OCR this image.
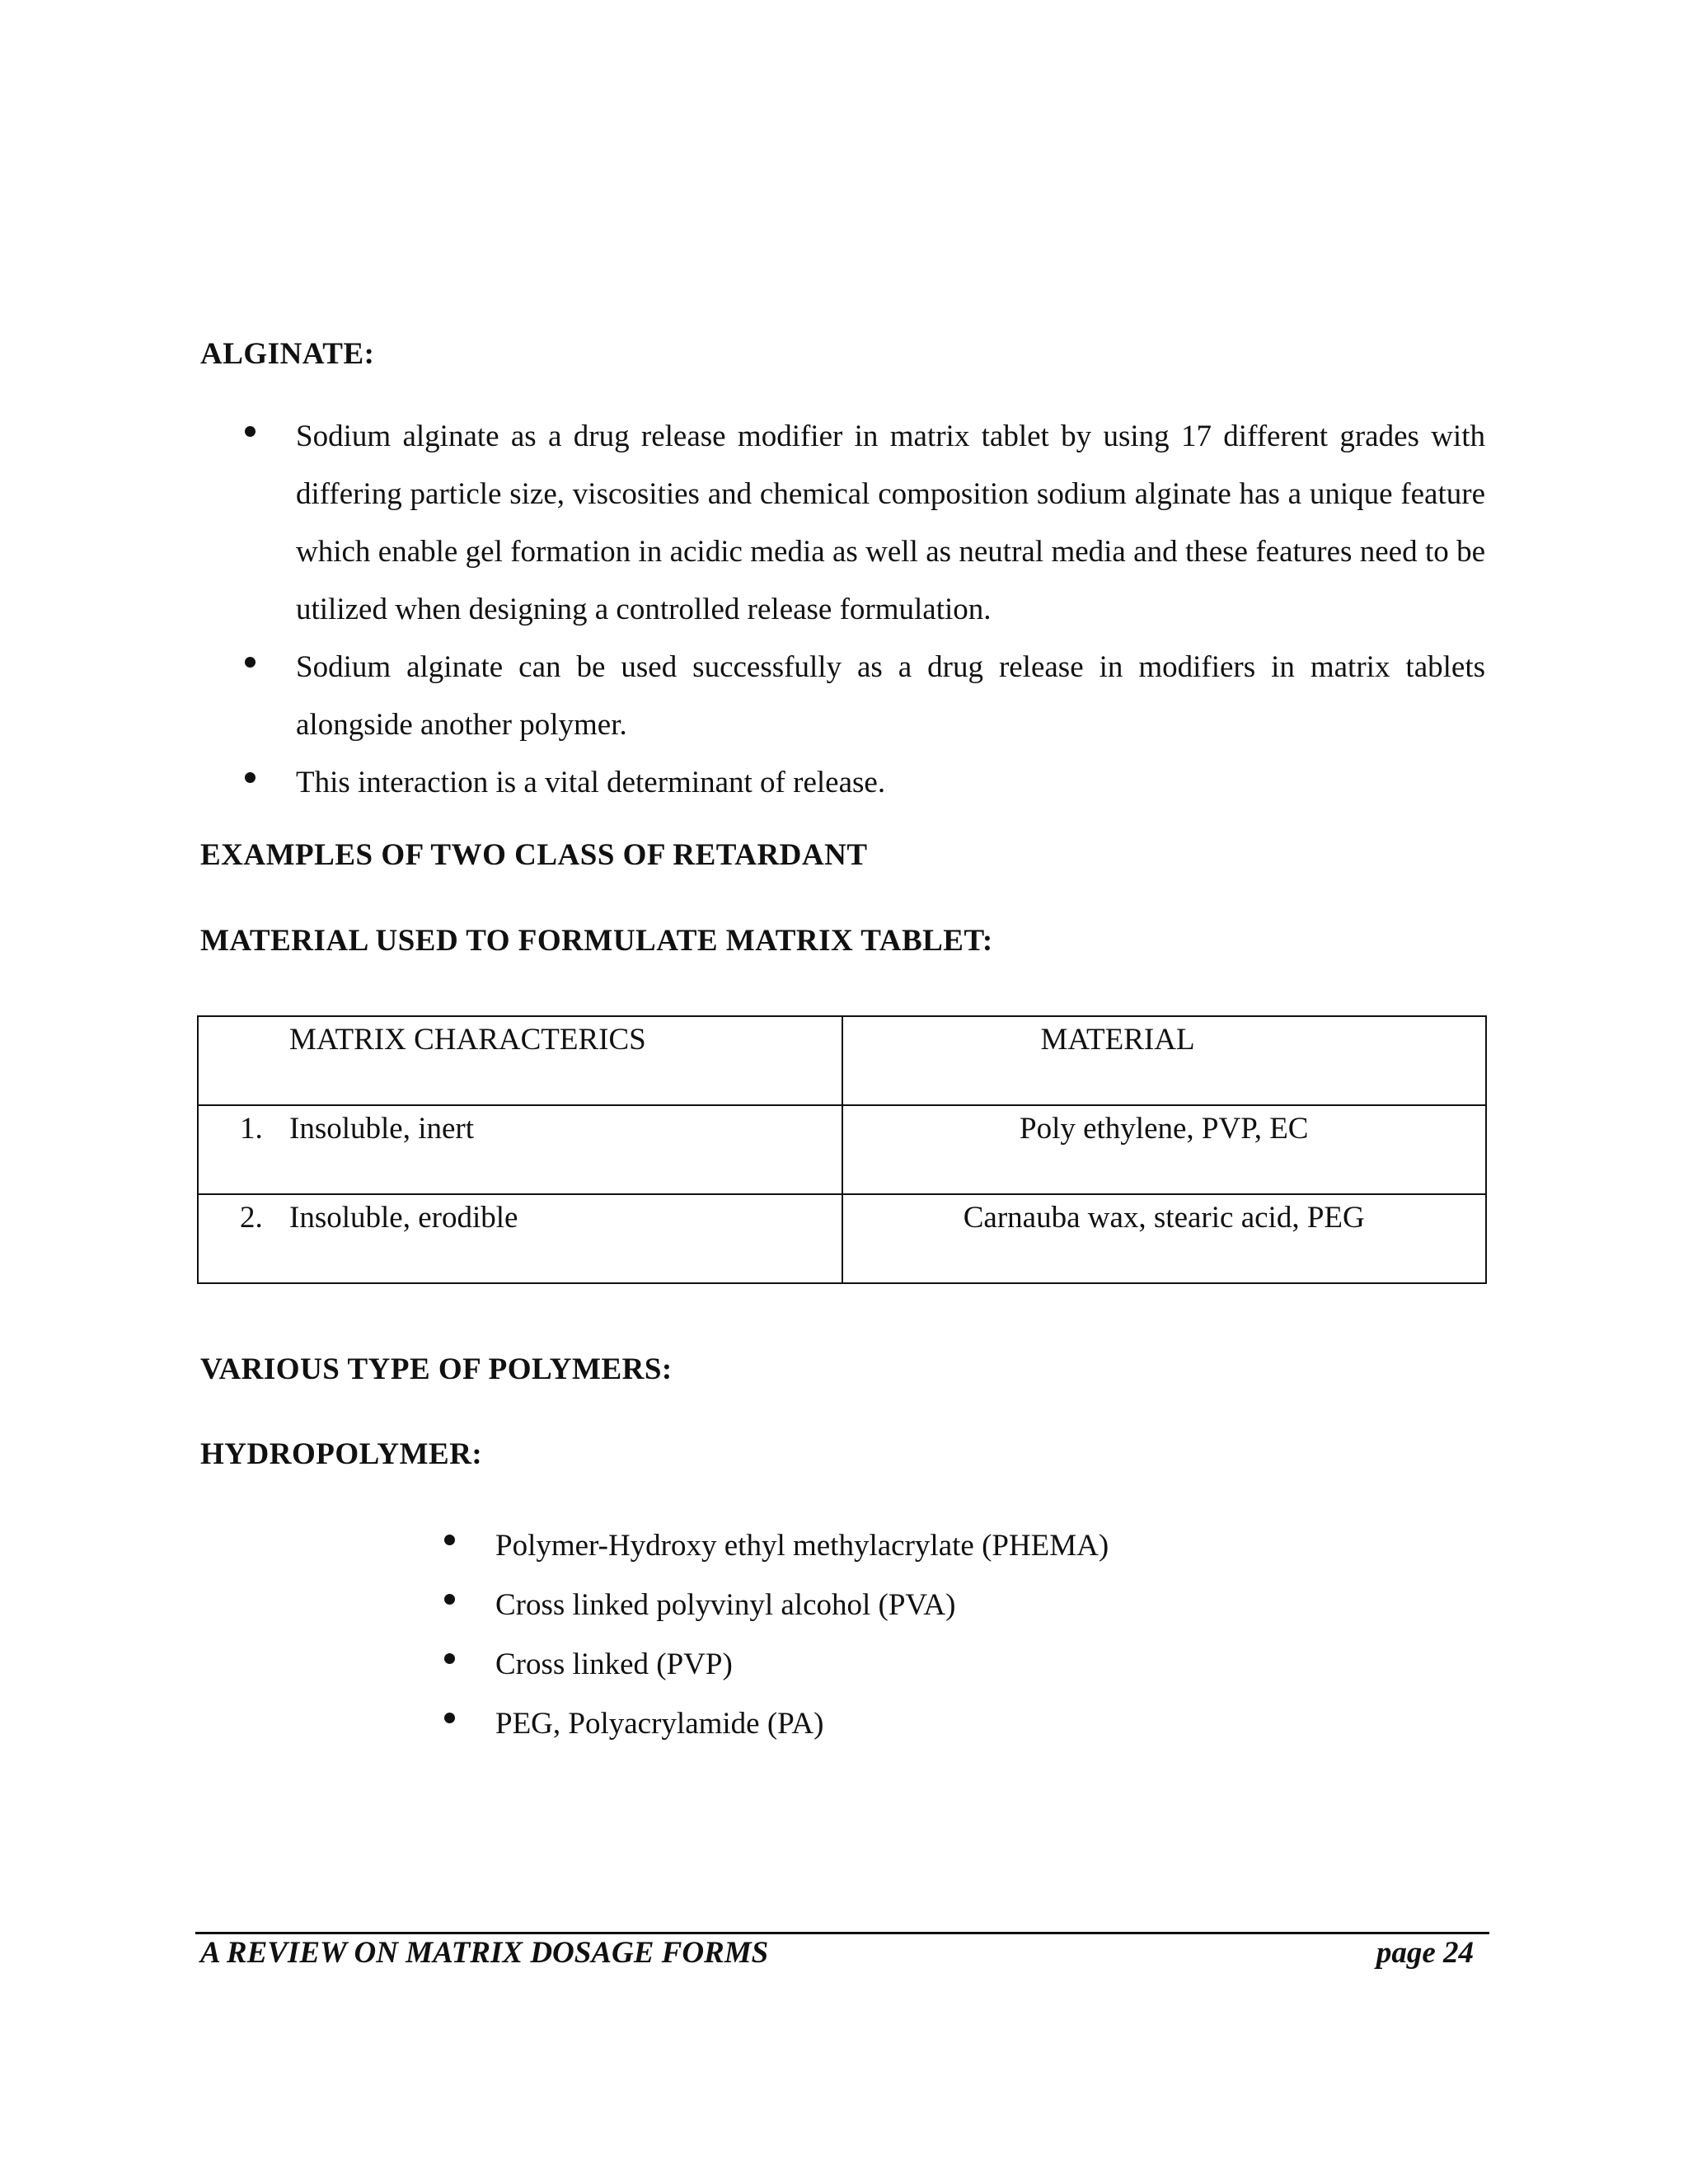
ALGINATE:
Sodium alginate as a drug release modifier in matrix tablet by using 17 different grades with differing particle size, viscosities and chemical composition sodium alginate has a unique feature which enable gel formation in acidic media as well as neutral media and these features need to be utilized when designing a controlled release formulation.
Sodium alginate can be used successfully as a drug release in modifiers in matrix tablets alongside another polymer.
This interaction is a vital determinant of release.
EXAMPLES OF TWO CLASS OF RETARDANT
MATERIAL USED TO FORMULATE MATRIX TABLET:
MATRIX CHARACTERICS	MATERIAL
1. Insoluble, inert	Poly ethylene, PVP, EC
2. Insoluble, erodible	Carnauba wax, stearic acid, PEG
VARIOUS TYPE OF POLYMERS:
HYDROPOLYMER:
Polymer-Hydroxy ethyl methylacrylate (PHEMA)
Cross linked polyvinyl alcohol (PVA)
Cross linked (PVP)
PEG, Polyacrylamide (PA)
A REVIEW ON MATRIX DOSAGE FORMS	page 24
